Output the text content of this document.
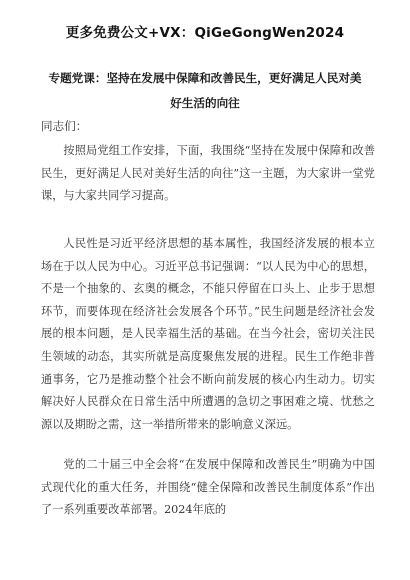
更多免费公文+VX：QiGeGongWen2024
专题党课：坚持在发展中保障和改善民生，更好满足人民对美好生活的向往
同志们：

按照局党组工作安排，下面，我围绕“坚持在发展中保障和改善民生，更好满足人民对美好生活的向往”这一主题，为大家讲一堂党课，与大家共同学习提高。

人民性是习近平经济思想的基本属性，我国经济发展的根本立场在于以人民为中心。习近平总书记强调：“以人民为中心的思想，不是一个抽象的、玄奥的概念，不能只停留在口头上、止步于思想环节，而要体现在经济社会发展各个环节。”民生问题是经济社会发展的根本问题，是人民幸福生活的基础。在当今社会，密切关注民生领域的动态，其实所就是高度聚焦发展的进程。民生工作绝非普通事务，它乃是推动整个社会不断向前发展的核心内生动力。切实解决好人民群众在日常生活中所遭遇的急切之事困难之境、忧愁之源以及期盼之需，这一举措所带来的影响意义深远。

党的二十届三中全会将“在发展中保障和改善民生”明确为中国式现代化的重大任务，并围绕“健全保障和改善民生制度体系”作出了一系列重要改革部署。2024年底的
